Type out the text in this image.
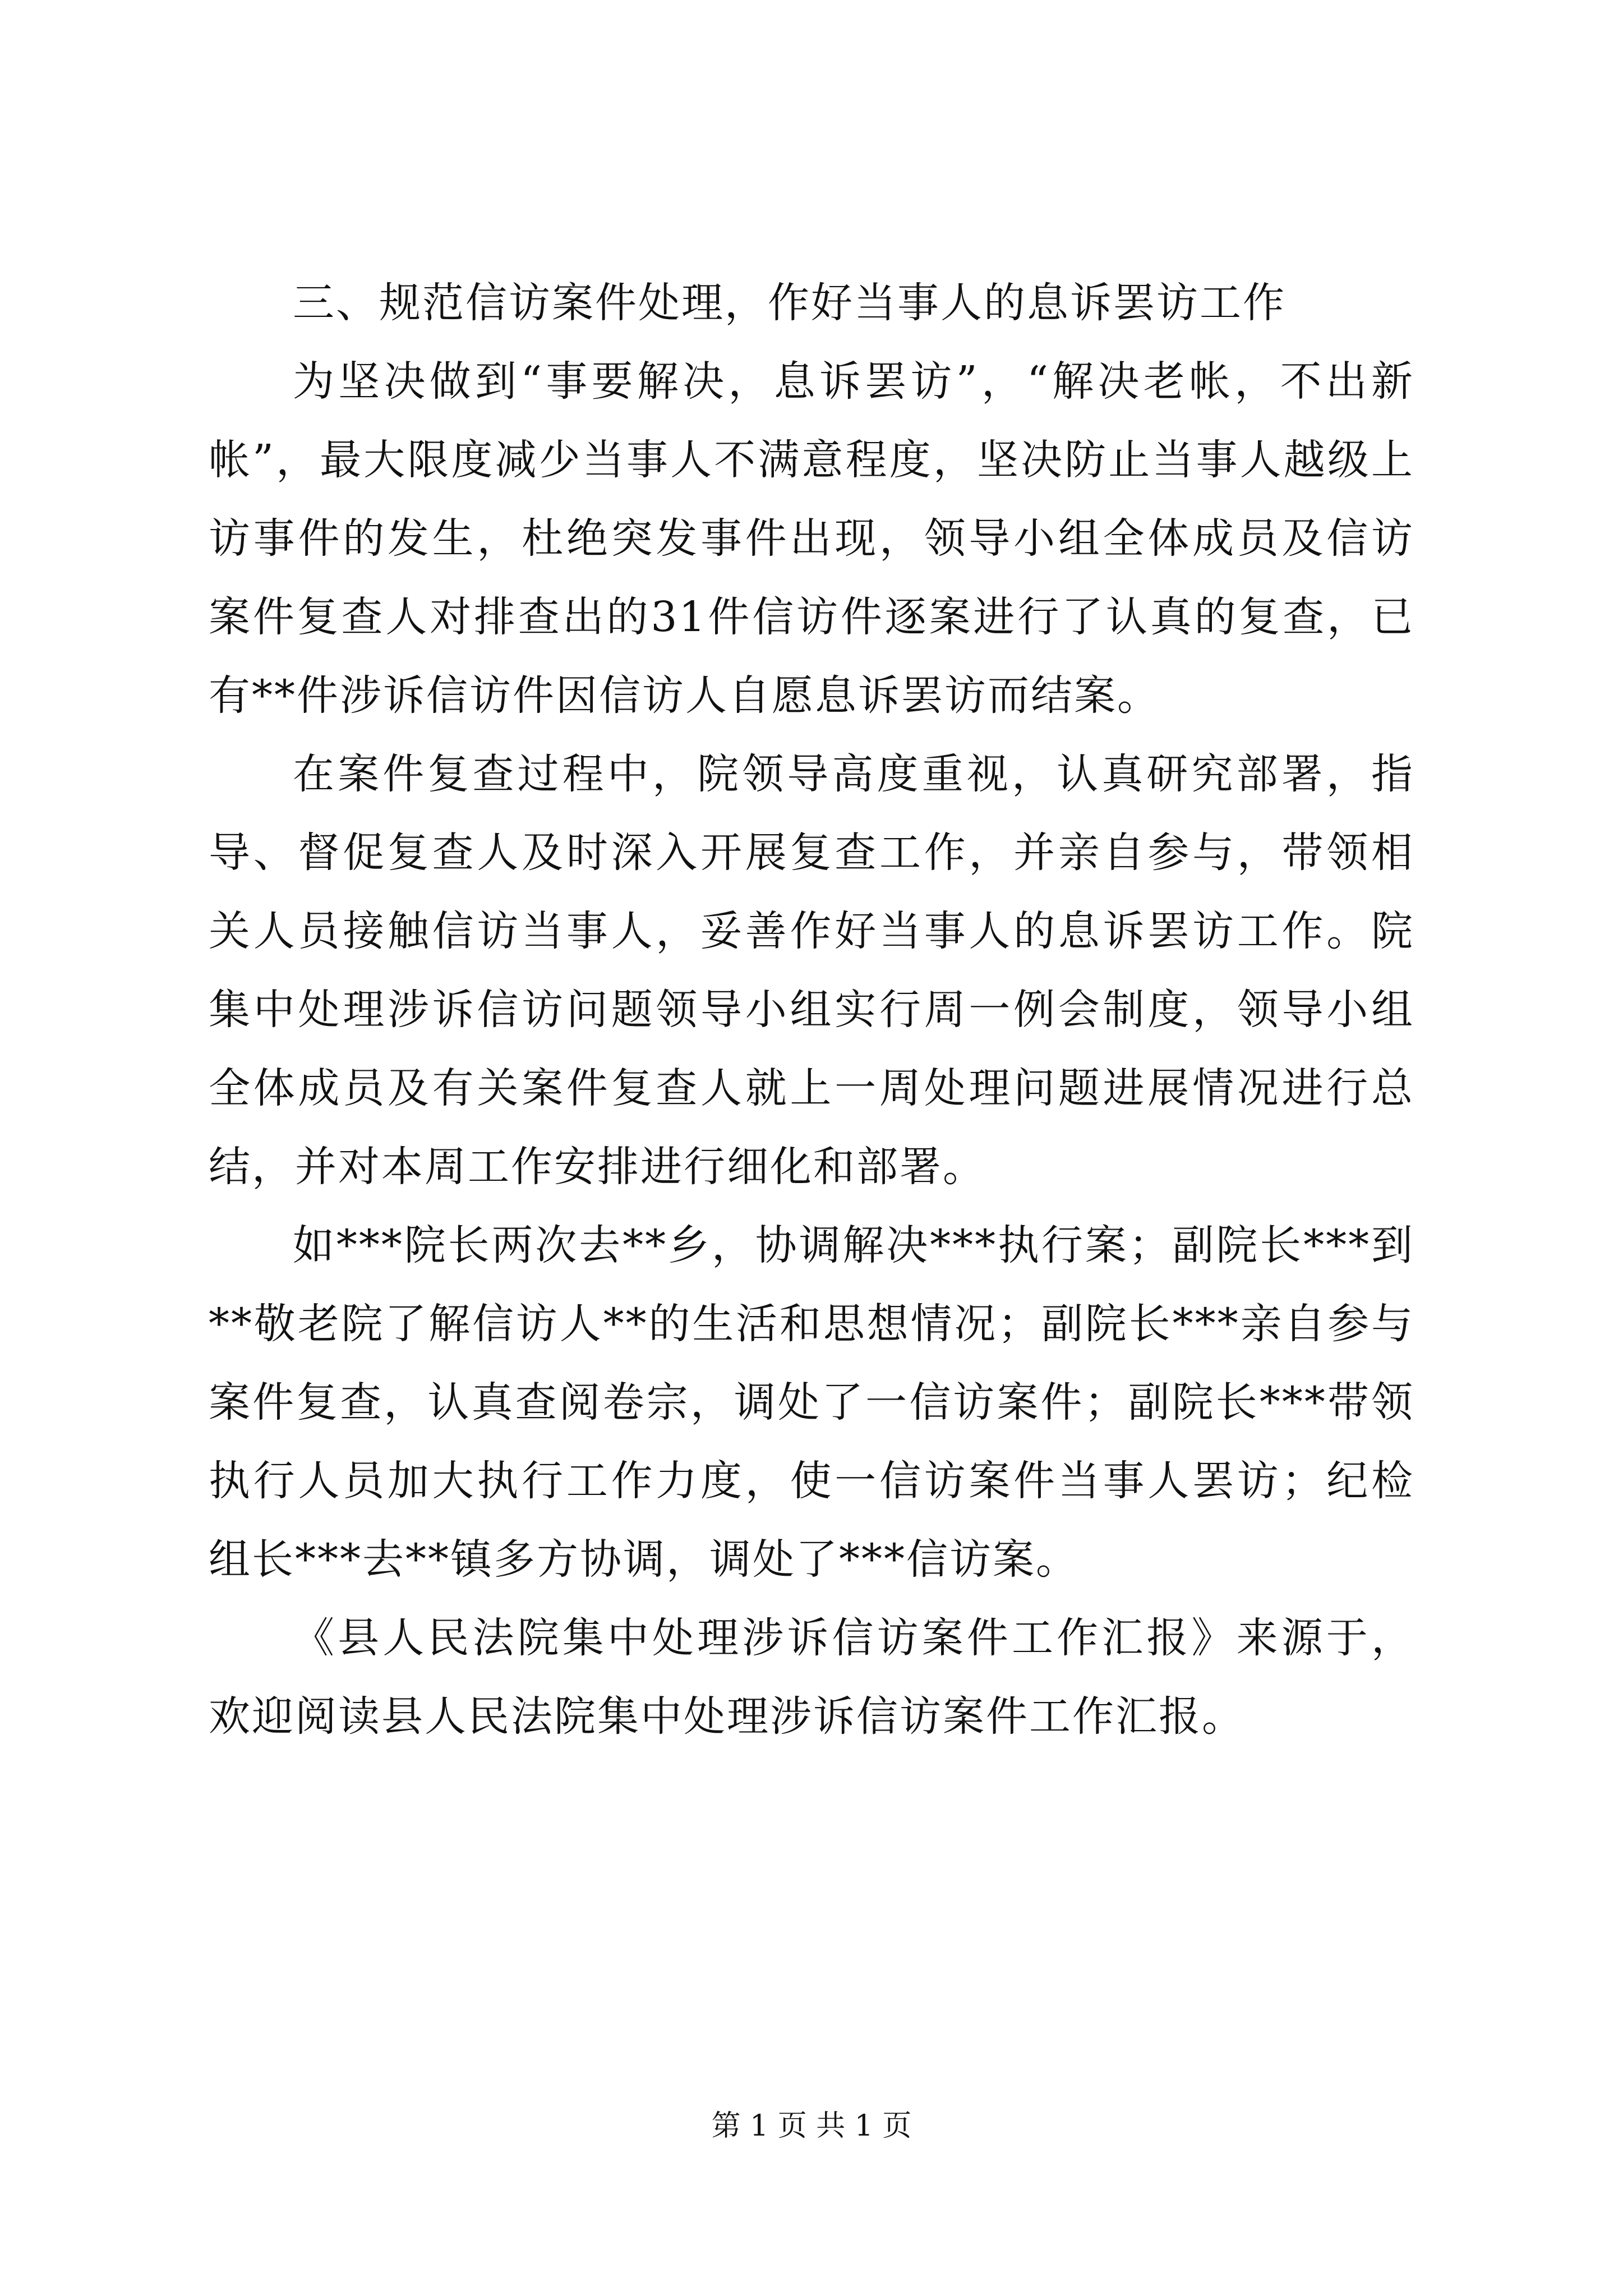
三、规范信访案件处理，作好当事人的息诉罢访工作

为坚决做到“事要解决，息诉罢访”，“解决老帐，不出新帐”，最大限度减少当事人不满意程度，坚决防止当事人越级上访事件的发生，杜绝突发事件出现，领导小组全体成员及信访案件复查人对排查出的31件信访件逐案进行了认真的复查，已有**件涉诉信访件因信访人自愿息诉罢访而结案。

在案件复查过程中，院领导高度重视，认真研究部署，指导、督促复查人及时深入开展复查工作，并亲自参与，带领相关人员接触信访当事人，妥善作好当事人的息诉罢访工作。院集中处理涉诉信访问题领导小组实行周一例会制度，领导小组全体成员及有关案件复查人就上一周处理问题进展情况进行总结，并对本周工作安排进行细化和部署。

如***院长两次去**乡，协调解决***执行案；副院长***到**敬老院了解信访人**的生活和思想情况；副院长***亲自参与案件复查，认真查阅卷宗，调处了一信访案件；副院长***带领执行人员加大执行工作力度，使一信访案件当事人罢访；纪检组长***去**镇多方协调，调处了***信访案。

《县人民法院集中处理涉诉信访案件工作汇报》来源于，欢迎阅读县人民法院集中处理涉诉信访案件工作汇报。

第 1 页 共 1 页
